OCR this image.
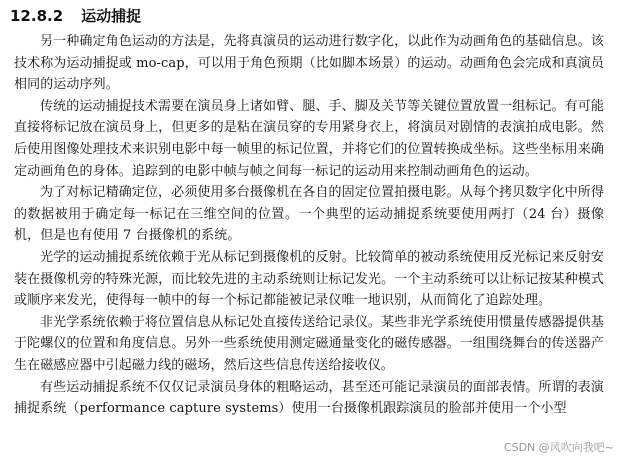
12.8.2 运动捕捉

另一种确定角色运动的方法是，先将真演员的运动进行数字化，以此作为动画角色的基础信息。该技术称为运动捕捉或 mo-cap，可以用于角色预期（比如脚本场景）的运动。动画角色会完成和真演员相同的运动序列。

传统的运动捕捉技术需要在演员身上诸如臂、腿、手、脚及关节等关键位置放置一组标记。有可能直接将标记放在演员身上，但更多的是粘在演员穿的专用紧身衣上，将演员对剧情的表演拍成电影。然后使用图像处理技术来识别电影中每一帧里的标记位置，并将它们的位置转换成坐标。这些坐标用来确定动画角色的身体。追踪到的电影中帧与帧之间每一标记的运动用来控制动画角色的运动。

为了对标记精确定位，必须使用多台摄像机在各自的固定位置拍摄电影。从每个拷贝数字化中所得的数据被用于确定每一标记在三维空间的位置。一个典型的运动捕捉系统要使用两打（24 台）摄像机，但是也有使用 7 台摄像机的系统。

光学的运动捕捉系统依赖于光从标记到摄像机的反射。比较简单的被动系统使用反光标记来反射安装在摄像机旁的特殊光源，而比较先进的主动系统则让标记发光。一个主动系统可以让标记按某种模式或顺序来发光，使得每一帧中的每一个标记都能被记录仪唯一地识别，从而简化了追踪处理。

非光学系统依赖于将位置信息从标记处直接传送给记录仪。某些非光学系统使用惯量传感器提供基于陀螺仪的位置和角度信息。另外一些系统使用测定磁通量变化的磁传感器。一组围绕舞台的传送器产生在磁感应器中引起磁力线的磁场，然后这些信息传送给接收仪。

有些运动捕捉系统不仅仅记录演员身体的粗略运动，甚至还可能记录演员的面部表情。所谓的表演捕捉系统（performance capture systems）使用一台摄像机跟踪演员的脸部并使用一个小型

CSDN @风吹向我吧~
